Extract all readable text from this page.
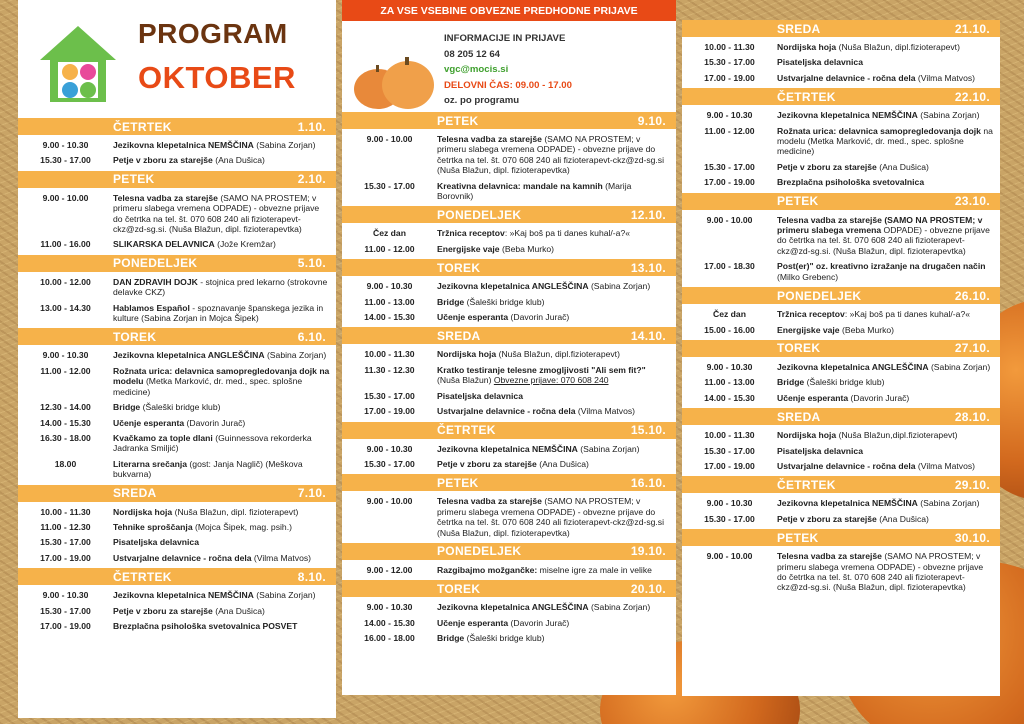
PROGRAM
OKTOBER
ZA VSE VSEBINE OBVEZNE PREDHODNE PRIJAVE
INFORMACIJE IN PRIJAVE
08 205 12 64
vgc@mocis.si
DELOVNI ČAS: 09.00 - 17.00
oz. po programu
ČETRTEK	1.10.
9.00 - 10.30	Jezikovna klepetalnica NEMŠČINA (Sabina Zorjan)
15.30 - 17.00	Petje v zboru za starejše (Ana Dušica)
PETEK	2.10.
9.00 - 10.00	Telesna vadba za starejše (SAMO NA PROSTEM; v primeru slabega vremena ODPADE) - obvezne prijave do četrtka na tel. št. 070 608 240 ali fizioterapevt-ckz@zd-sg.si. (Nuša Blažun, dipl. fizioterapevtka)
11.00 - 16.00	SLIKARSKA DELAVNICA (Jože Kremžar)
PONEDELJEK	5.10.
10.00 - 12.00	DAN ZDRAVIH DOJK - stojnica pred lekarno (strokovne delavke CKZ)
13.00 - 14.30	Hablamos Español - spoznavanje španskega jezika in kulture (Sabina Zorjan in Mojca Šipek)
TOREK	6.10.
9.00 - 10.30	Jezikovna klepetalnica ANGLEŠČINA (Sabina Zorjan)
11.00 - 12.00	Rožnata urica: delavnica samopregledovanja dojk na modelu (Metka Marković, dr. med., spec. splošne medicine)
12.30 - 14.00	Bridge (Šaleški bridge klub)
14.00 - 15.30	Učenje esperanta (Davorin Jurač)
16.30 - 18.00	Kvačkamo za tople dlani (Guinnessova rekorderka Jadranka Smiljić)
18.00	Literarna srečanja (gost: Janja Naglič) (Meškova bukvarna)
SREDA	7.10.
10.00 - 11.30	Nordijska hoja (Nuša Blažun, dipl. fizioterapevt)
11.00 - 12.30	Tehnike sproščanja (Mojca Šipek, mag. psih.)
15.30 - 17.00	Pisateljska delavnica
17.00 - 19.00	Ustvarjalne delavnice - ročna dela (Vilma Matvos)
ČETRTEK	8.10.
9.00 - 10.30	Jezikovna klepetalnica NEMŠČINA (Sabina Zorjan)
15.30 - 17.00	Petje v zboru za starejše (Ana Dušica)
17.00 - 19.00	Brezplačna psihološka svetovalnica POSVET
PETEK	9.10.
9.00 - 10.00	Telesna vadba za starejše (SAMO NA PROSTEM; v primeru slabega vremena ODPADE) - obvezne prijave do četrtka na tel. št. 070 608 240 ali fizioterapevt-ckz@zd-sg.si (Nuša Blažun, dipl. fizioterapevtka)
15.30 - 17.00	Kreativna delavnica: mandale na kamnih (Marija Borovnik)
PONEDELJEK	12.10.
Čez dan	Tržnica receptov: »Kaj boš pa ti danes kuhal/-a?«
11.00 - 12.00	Energijske vaje (Beba Murko)
TOREK	13.10.
9.00 - 10.30	Jezikovna klepetalnica ANGLEŠČINA (Sabina Zorjan)
11.00 - 13.00	Bridge (Šaleški bridge klub)
14.00 - 15.30	Učenje esperanta (Davorin Jurač)
SREDA	14.10.
10.00 - 11.30	Nordijska hoja (Nuša Blažun, dipl.fizioterapevt)
11.30 - 12.30	Kratko testiranje telesne zmogljivosti "Ali sem fit?" (Nuša Blažun) Obvezne prijave: 070 608 240
15.30 - 17.00	Pisateljska delavnica
17.00 - 19.00	Ustvarjalne delavnice - ročna dela (Vilma Matvos)
ČETRTEK	15.10.
9.00 - 10.30	Jezikovna klepetalnica NEMŠČINA (Sabina Zorjan)
15.30 - 17.00	Petje v zboru za starejše (Ana Dušica)
PETEK	16.10.
9.00 - 10.00	Telesna vadba za starejše (SAMO NA PROSTEM; v primeru slabega vremena ODPADE) - obvezne prijave do četrtka na tel. št. 070 608 240 ali fizioterapevt-ckz@zd-sg.si (Nuša Blažun, dipl. fizioterapevtka)
PONEDELJEK	19.10.
9.00 - 12.00	Razgibajmo možgančke: miselne igre za male in velike
TOREK	20.10.
9.00 - 10.30	Jezikovna klepetalnica ANGLEŠČINA (Sabina Zorjan)
14.00 - 15.30	Učenje esperanta (Davorin Jurač)
16.00 - 18.00	Bridge (Šaleški bridge klub)
SREDA	21.10.
10.00 - 11.30	Nordijska hoja (Nuša Blažun, dipl.fizioterapevt)
15.30 - 17.00	Pisateljska delavnica
17.00 - 19.00	Ustvarjalne delavnice - ročna dela (Vilma Matvos)
ČETRTEK	22.10.
9.00 - 10.30	Jezikovna klepetalnica NEMŠČINA (Sabina Zorjan)
11.00 - 12.00	Rožnata urica: delavnica samopregledovanja dojk na modelu (Metka Marković, dr. med., spec. splošne medicine)
15.30 - 17.00	Petje v zboru za starejše (Ana Dušica)
17.00 - 19.00	Brezplačna psihološka svetovalnica
PETEK	23.10.
9.00 - 10.00	Telesna vadba za starejše (SAMO NA PROSTEM; v primeru slabega vremena ODPADE) - obvezne prijave do četrtka na tel. št. 070 608 240 ali fizioterapevt-ckz@zd-sg.si. (Nuša Blažun, dipl. fizioterapevtka)
17.00 - 18.30	Post(er)" oz. kreativno izražanje na drugačen način (Milko Grebenc)
PONEDELJEK	26.10.
Čez dan	Tržnica receptov: »Kaj boš pa ti danes kuhal/-a?«
15.00 - 16.00	Energijske vaje (Beba Murko)
TOREK	27.10.
9.00 - 10.30	Jezikovna klepetalnica ANGLEŠČINA (Sabina Zorjan)
11.00 - 13.00	Bridge (Šaleški bridge klub)
14.00 - 15.30	Učenje esperanta (Davorin Jurač)
SREDA	28.10.
10.00 - 11.30	Nordijska hoja (Nuša Blažun,dipl.fizioterapevt)
15.30 - 17.00	Pisateljska delavnica
17.00 - 19.00	Ustvarjalne delavnice - ročna dela (Vilma Matvos)
ČETRTEK	29.10.
9.00 - 10.30	Jezikovna klepetalnica NEMŠČINA (Sabina Zorjan)
15.30 - 17.00	Petje v zboru za starejše (Ana Dušica)
PETEK	30.10.
9.00 - 10.00	Telesna vadba za starejše (SAMO NA PROSTEM; v primeru slabega vremena ODPADE) - obvezne prijave do četrtka na tel. št. 070 608 240 ali fizioterapevt-ckz@zd-sg.si. (Nuša Blažun, dipl. fizioterapevtka)
